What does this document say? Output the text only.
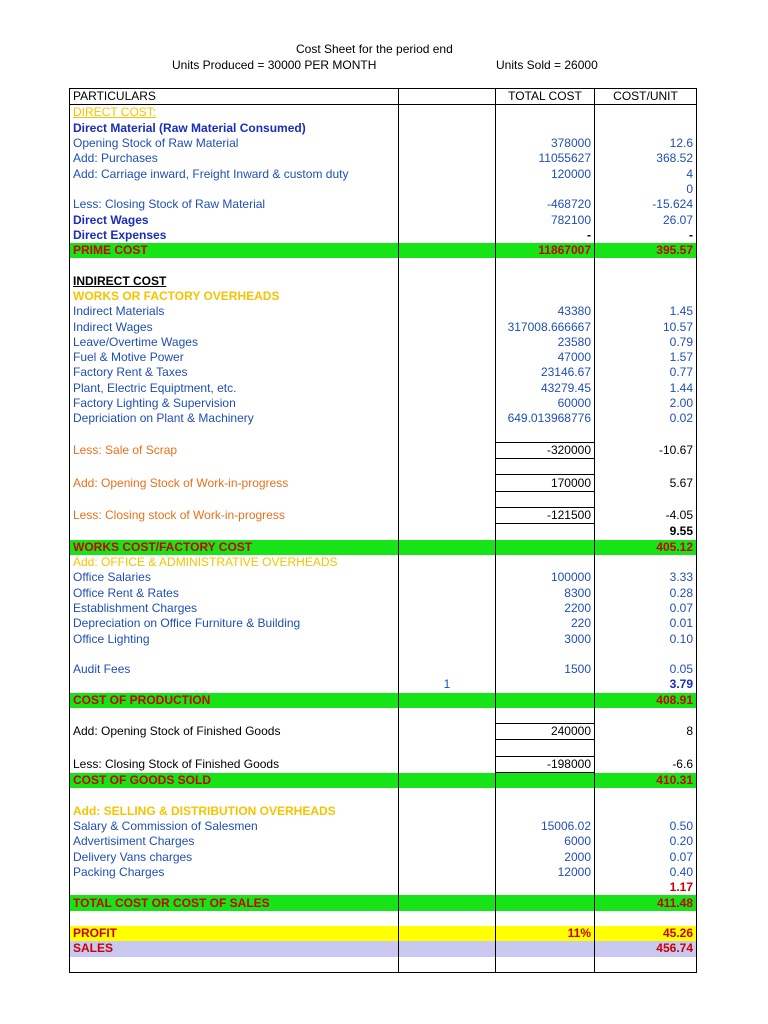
Cost Sheet for the period end
Units Produced = 30000 PER MONTH	Units Sold = 26000
PARTICULARS		TOTAL COST	COST/UNIT
DIRECT COST:			
Direct Material (Raw Material Consumed)			
Opening Stock of Raw Material		378000	12.6
Add: Purchases		11055627	368.52
Add: Carriage inward, Freight Inward & custom duty		120000	4
			0
Less: Closing Stock of Raw Material		-468720	-15.624
Direct Wages		782100	26.07
Direct Expenses		-	-
PRIME COST		11867007	395.57

INDIRECT COST			
WORKS OR FACTORY OVERHEADS			
Indirect Materials		43380	1.45
Indirect Wages		317008.666667	10.57
Leave/Overtime Wages		23580	0.79
Fuel & Motive Power		47000	1.57
Factory Rent & Taxes		23146.67	0.77
Plant, Electric Equiptment, etc.		43279.45	1.44
Factory Lighting & Supervision		60000	2.00
Depriciation on Plant & Machinery		649.013968776	0.02

Less: Sale of Scrap		-320000	-10.67

Add: Opening Stock of Work-in-progress		170000	5.67

Less: Closing stock of Work-in-progress		-121500	-4.05
			9.55
WORKS COST/FACTORY COST			405.12
Add: OFFICE & ADMINISTRATIVE OVERHEADS			
Office Salaries		100000	3.33
Office Rent & Rates		8300	0.28
Establishment Charges		2200	0.07
Depreciation on Office Furniture & Building		220	0.01
Office Lighting		3000	0.10

Audit Fees		1500	0.05
	1		3.79
COST OF PRODUCTION			408.91

Add: Opening Stock of Finished Goods		240000	8

Less: Closing Stock of Finished Goods		-198000	-6.6
COST OF GOODS SOLD			410.31

Add: SELLING & DISTRIBUTION OVERHEADS			
Salary & Commission of Salesmen		15006.02	0.50
Advertisiment Charges		6000	0.20
Delivery Vans charges		2000	0.07
Packing Charges		12000	0.40
			1.17
TOTAL COST OR COST OF SALES			411.48

PROFIT		11%	45.26
SALES			456.74
